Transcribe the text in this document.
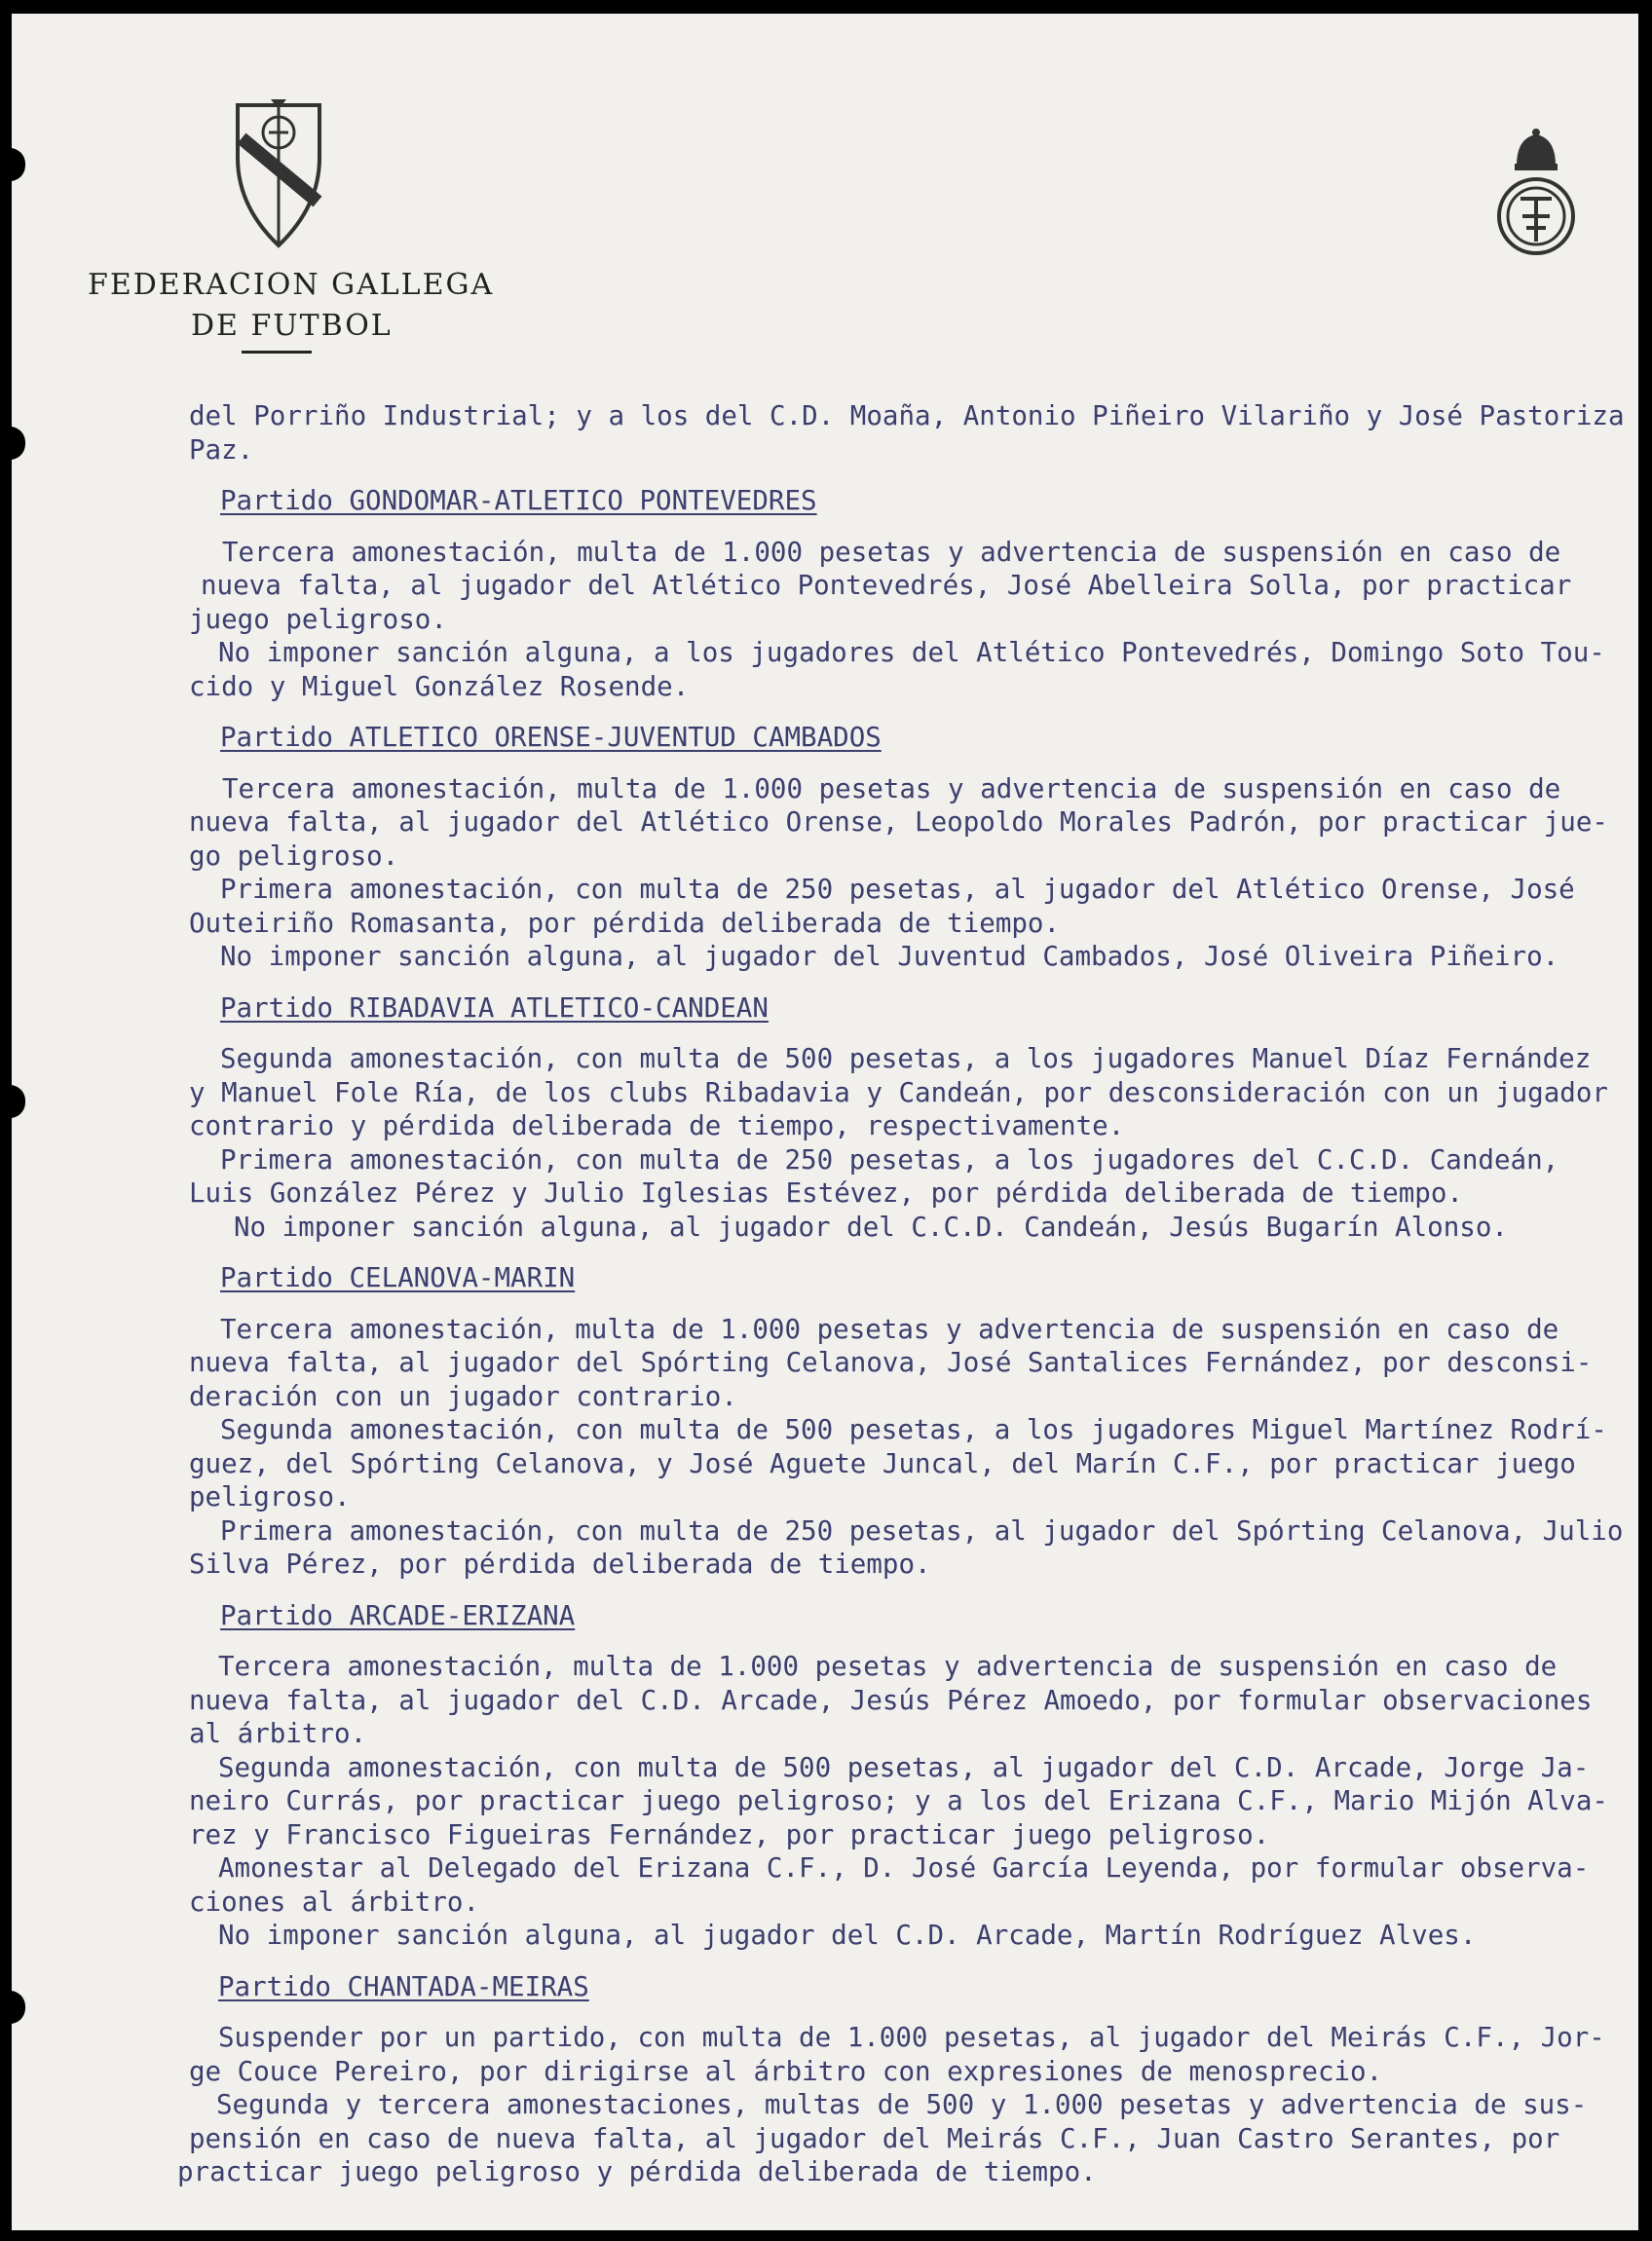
FEDERACION GALLEGA
DE FUTBOL
del Porriño Industrial; y a los del C.D. Moaña, Antonio Piñeiro Vilariño y José Pastoriza
Paz.
Partido GONDOMAR-ATLETICO PONTEVEDRES
Tercera amonestación, multa de 1.000 pesetas y advertencia de suspensión en caso de
nueva falta, al jugador del Atlético Pontevedrés, José Abelleira Solla, por practicar
juego peligroso.
No imponer sanción alguna, a los jugadores del Atlético Pontevedrés, Domingo Soto Tou-
cido y Miguel González Rosende.
Partido ATLETICO ORENSE-JUVENTUD CAMBADOS
Tercera amonestación, multa de 1.000 pesetas y advertencia de suspensión en caso de
nueva falta, al jugador del Atlético Orense, Leopoldo Morales Padrón, por practicar jue-
go peligroso.
Primera amonestación, con multa de 250 pesetas, al jugador del Atlético Orense, José
Outeiriño Romasanta, por pérdida deliberada de tiempo.
No imponer sanción alguna, al jugador del Juventud Cambados, José Oliveira Piñeiro.
Partido RIBADAVIA ATLETICO-CANDEAN
Segunda amonestación, con multa de 500 pesetas, a los jugadores Manuel Díaz Fernández
y Manuel Fole Ría, de los clubs Ribadavia y Candeán, por desconsideración con un jugador
contrario y pérdida deliberada de tiempo, respectivamente.
Primera amonestación, con multa de 250 pesetas, a los jugadores del C.C.D. Candeán,
Luis González Pérez y Julio Iglesias Estévez, por pérdida deliberada de tiempo.
No imponer sanción alguna, al jugador del C.C.D. Candeán, Jesús Bugarín Alonso.
Partido CELANOVA-MARIN
Tercera amonestación, multa de 1.000 pesetas y advertencia de suspensión en caso de
nueva falta, al jugador del Spórting Celanova, José Santalices Fernández, por desconsi-
deración con un jugador contrario.
Segunda amonestación, con multa de 500 pesetas, a los jugadores Miguel Martínez Rodrí-
guez, del Spórting Celanova, y José Aguete Juncal, del Marín C.F., por practicar juego
peligroso.
Primera amonestación, con multa de 250 pesetas, al jugador del Spórting Celanova, Julio
Silva Pérez, por pérdida deliberada de tiempo.
Partido ARCADE-ERIZANA
Tercera amonestación, multa de 1.000 pesetas y advertencia de suspensión en caso de
nueva falta, al jugador del C.D. Arcade, Jesús Pérez Amoedo, por formular observaciones
al árbitro.
Segunda amonestación, con multa de 500 pesetas, al jugador del C.D. Arcade, Jorge Ja-
neiro Currás, por practicar juego peligroso; y a los del Erizana C.F., Mario Mijón Alva-
rez y Francisco Figueiras Fernández, por practicar juego peligroso.
Amonestar al Delegado del Erizana C.F., D. José García Leyenda, por formular observa-
ciones al árbitro.
No imponer sanción alguna, al jugador del C.D. Arcade, Martín Rodríguez Alves.
Partido CHANTADA-MEIRAS
Suspender por un partido, con multa de 1.000 pesetas, al jugador del Meirás C.F., Jor-
ge Couce Pereiro, por dirigirse al árbitro con expresiones de menosprecio.
Segunda y tercera amonestaciones, multas de 500 y 1.000 pesetas y advertencia de sus-
pensión en caso de nueva falta, al jugador del Meirás C.F., Juan Castro Serantes, por
practicar juego peligroso y pérdida deliberada de tiempo.
